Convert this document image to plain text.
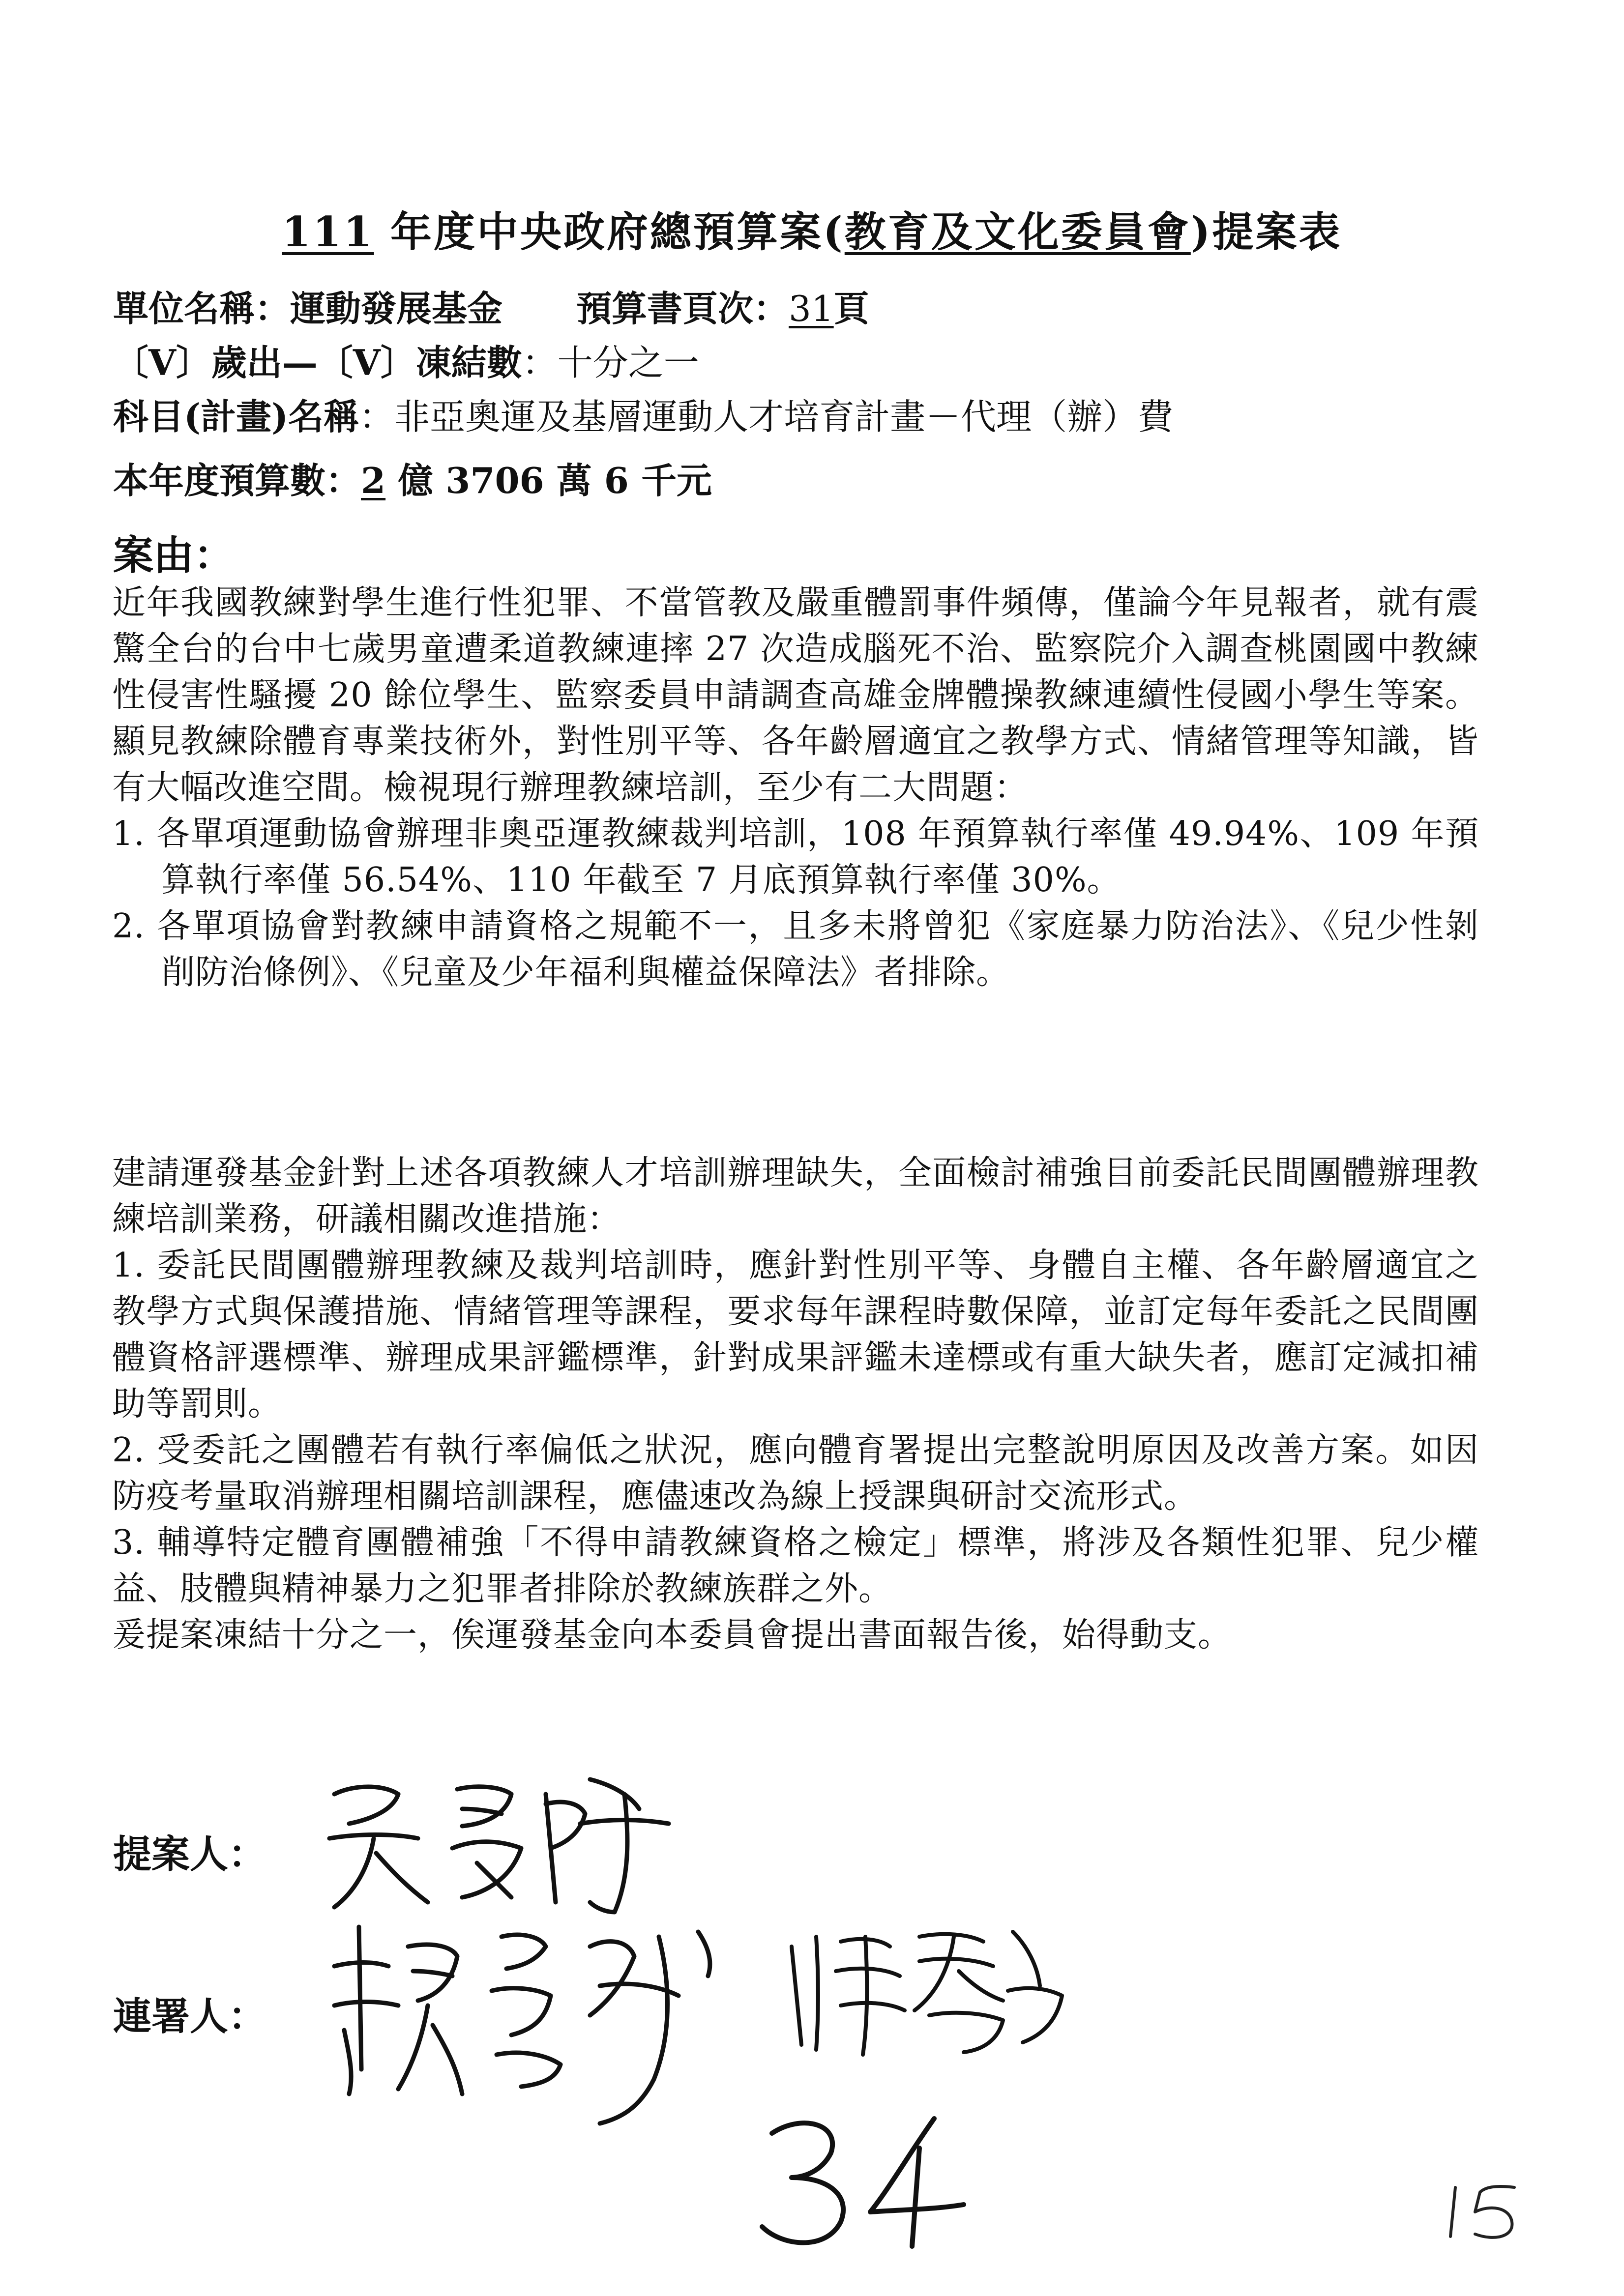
111 年度中央政府總預算案(教育及文化委員會)提案表
單位名稱：運動發展基金 預算書頁次：31頁
〔V〕歲出—〔V〕凍結數：十分之一
科目(計畫)名稱：非亞奧運及基層運動人才培育計畫－代理（辦）費
本年度預算數：2 億 3706 萬 6 千元
案由：

近年我國教練對學生進行性犯罪、不當管教及嚴重體罰事件頻傳，僅論今年見報者，就有震驚全台的台中七歲男童遭柔道教練連摔 27 次造成腦死不治、監察院介入調查桃園國中教練性侵害性騷擾 20 餘位學生、監察委員申請調查高雄金牌體操教練連續性侵國小學生等案。顯見教練除體育專業技術外，對性別平等、各年齡層適宜之教學方式、情緒管理等知識，皆有大幅改進空間。檢視現行辦理教練培訓，至少有二大問題：

1. 各單項運動協會辦理非奧亞運教練裁判培訓，108 年預算執行率僅 49.94%、109 年預算執行率僅 56.54%、110 年截至 7 月底預算執行率僅 30%。

2. 各單項協會對教練申請資格之規範不一，且多未將曾犯《家庭暴力防治法》、《兒少性剝削防治條例》、《兒童及少年福利與權益保障法》者排除。

建請運發基金針對上述各項教練人才培訓辦理缺失，全面檢討補強目前委託民間團體辦理教練培訓業務，研議相關改進措施：

1. 委託民間團體辦理教練及裁判培訓時，應針對性別平等、身體自主權、各年齡層適宜之教學方式與保護措施、情緒管理等課程，要求每年課程時數保障，並訂定每年委託之民間團體資格評選標準、辦理成果評鑑標準，針對成果評鑑未達標或有重大缺失者，應訂定減扣補助等罰則。

2. 受委託之團體若有執行率偏低之狀況，應向體育署提出完整說明原因及改善方案。如因防疫考量取消辦理相關培訓課程，應儘速改為線上授課與研討交流形式。

3. 輔導特定體育團體補強「不得申請教練資格之檢定」標準，將涉及各類性犯罪、兒少權益、肢體與精神暴力之犯罪者排除於教練族群之外。

爰提案凍結十分之一，俟運發基金向本委員會提出書面報告後，始得動支。

提案人：
連署人：
